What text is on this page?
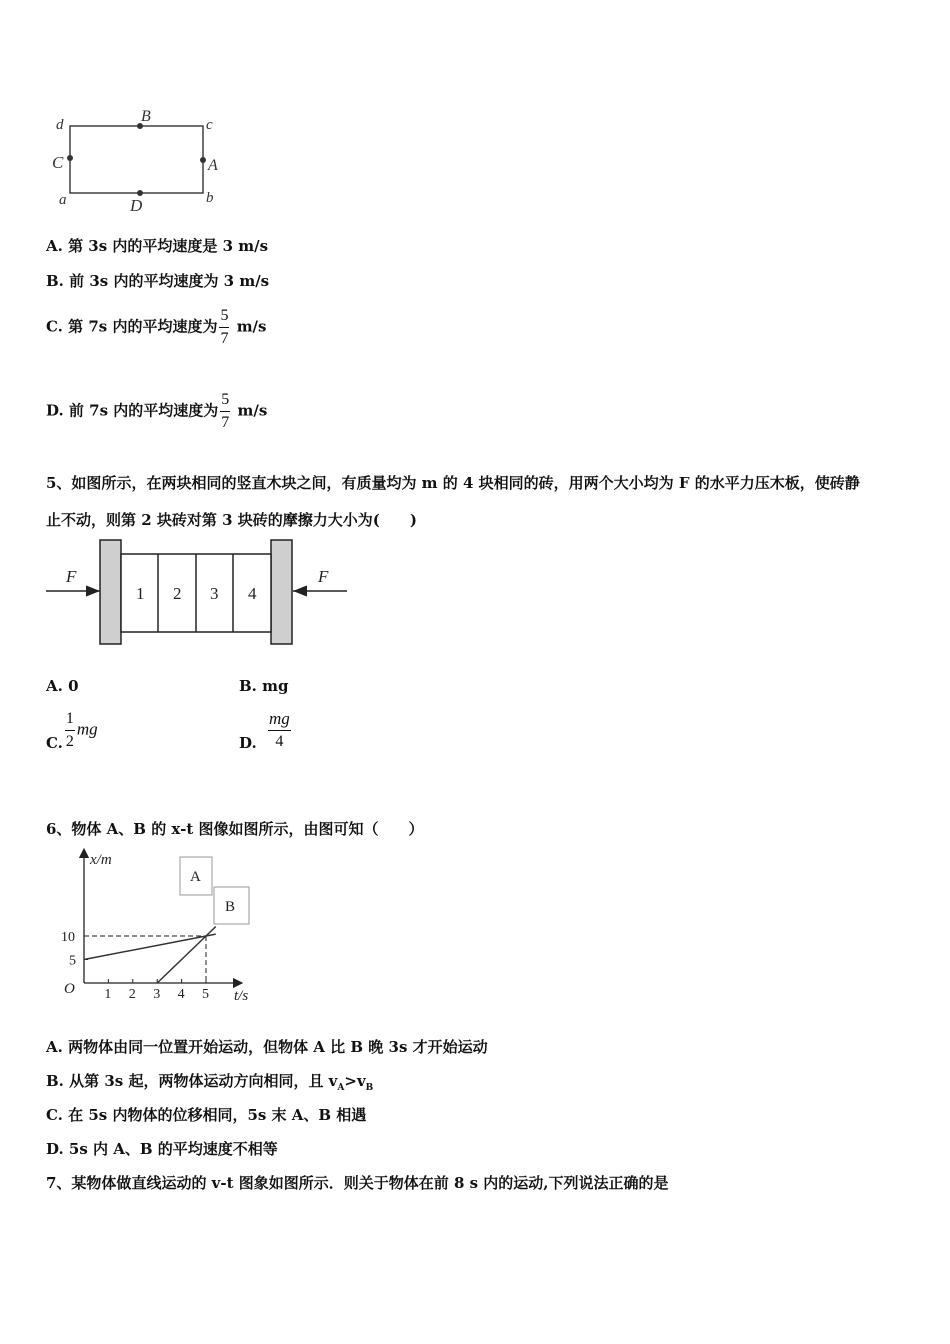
d	B	c
C	A
a	D	b
A. 第 3s 内的平均速度是 3 m/s
B. 前 3s 内的平均速度为 3 m/s
C. 第 7s 内的平均速度为 $\frac{5}{7} m/s$
D. 前 7s 内的平均速度为 $\frac{5}{7} m/s$
5、如图所示，在两块相同的竖直木块之间，有质量均为 m 的 4 块相同的砖，用两个大小均为 F 的水平力压木板，使砖静
止不动，则第 2 块砖对第 3 块砖的摩擦力大小为(　　)
1 2 3 4
F	F
A. 0	B. mg
C. $\frac{1}{2}$ mg
D. $\frac{mg}{4}$
6、物体 A、B 的 x-t 图像如图所示，由图可知（　　）
t/s
x/m
O 1 2 3 4 5
5
10
A
B
A. 两物体由同一位置开始运动，但物体 A 比 B 晚 3s 才开始运动
B. 从第 3s 起，两物体运动方向相同，且 $v_A>v_B$
C. 在 5s 内物体的位移相同，5s 末 A、B 相遇
D. 5s 内 A、B 的平均速度不相等
7、某物体做直线运动的 v-t 图象如图所示．则关于物体在前 8 s 内的运动,下列说法正确的是
